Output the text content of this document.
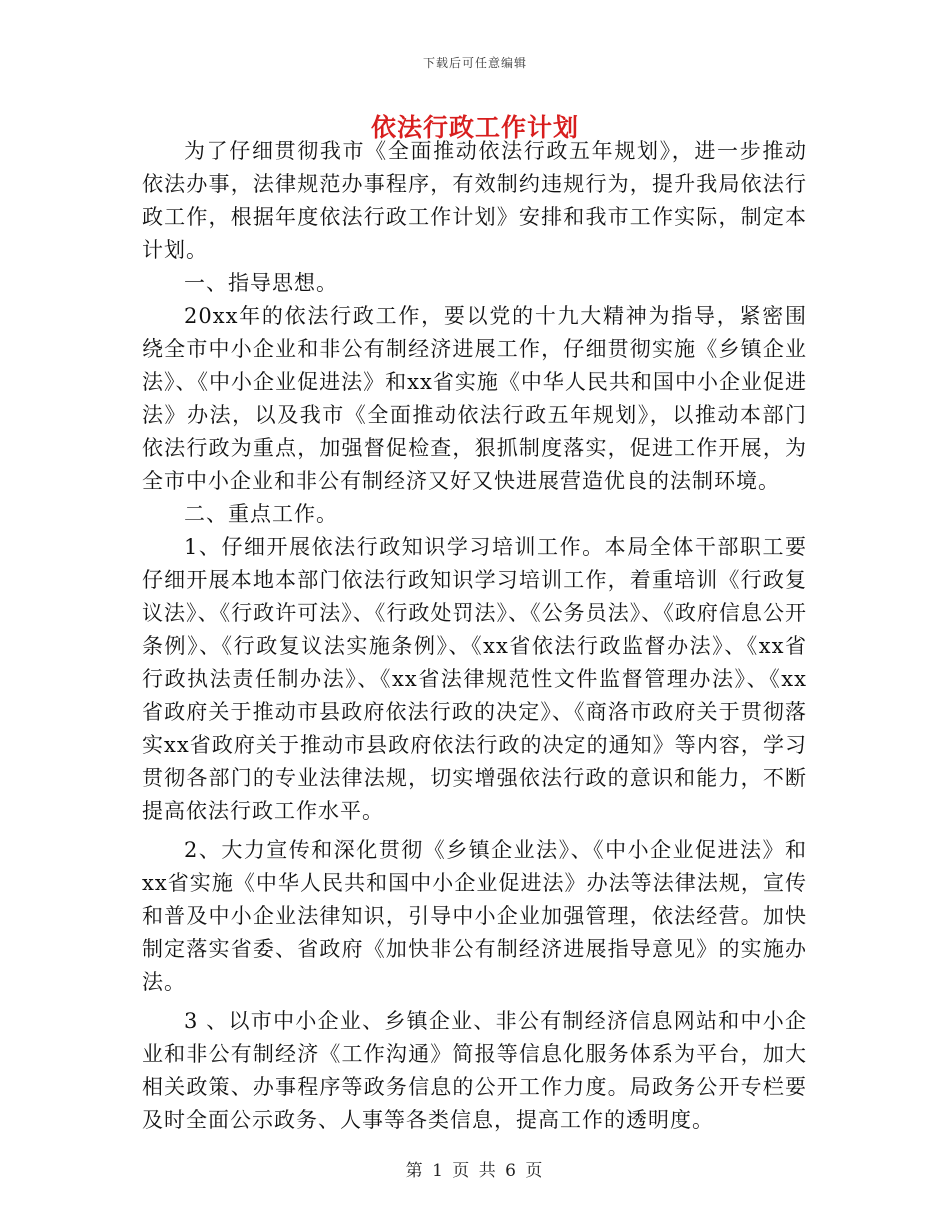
下载后可任意编辑
依法行政工作计划

为了仔细贯彻我市《全面推动依法行政五年规划》，进一步推动依法办事，法律规范办事程序，有效制约违规行为，提升我局依法行政工作，根据年度依法行政工作计划》安排和我市工作实际，制定本计划。

一、指导思想。

20xx年的依法行政工作，要以党的十九大精神为指导，紧密围绕全市中小企业和非公有制经济进展工作，仔细贯彻实施《乡镇企业法》、《中小企业促进法》和xx省实施《中华人民共和国中小企业促进法》办法，以及我市《全面推动依法行政五年规划》，以推动本部门依法行政为重点，加强督促检查，狠抓制度落实，促进工作开展，为全市中小企业和非公有制经济又好又快进展营造优良的法制环境。

二、重点工作。

1、仔细开展依法行政知识学习培训工作。本局全体干部职工要仔细开展本地本部门依法行政知识学习培训工作，着重培训《行政复议法》、《行政许可法》、《行政处罚法》、《公务员法》、《政府信息公开条例》、《行政复议法实施条例》、《xx省依法行政监督办法》、《xx省行政执法责任制办法》、《xx省法律规范性文件监督管理办法》、《xx省政府关于推动市县政府依法行政的决定》、《商洛市政府关于贯彻落实xx省政府关于推动市县政府依法行政的决定的通知》等内容，学习贯彻各部门的专业法律法规，切实增强依法行政的意识和能力，不断提高依法行政工作水平。

2、大力宣传和深化贯彻《乡镇企业法》、《中小企业促进法》和xx省实施《中华人民共和国中小企业促进法》办法等法律法规，宣传和普及中小企业法律知识，引导中小企业加强管理，依法经营。加快制定落实省委、省政府《加快非公有制经济进展指导意见》的实施办法。

3 、以市中小企业、乡镇企业、非公有制经济信息网站和中小企业和非公有制经济《工作沟通》简报等信息化服务体系为平台，加大相关政策、办事程序等政务信息的公开工作力度。局政务公开专栏要及时全面公示政务、人事等各类信息，提高工作的透明度。

第 1 页 共 6 页
